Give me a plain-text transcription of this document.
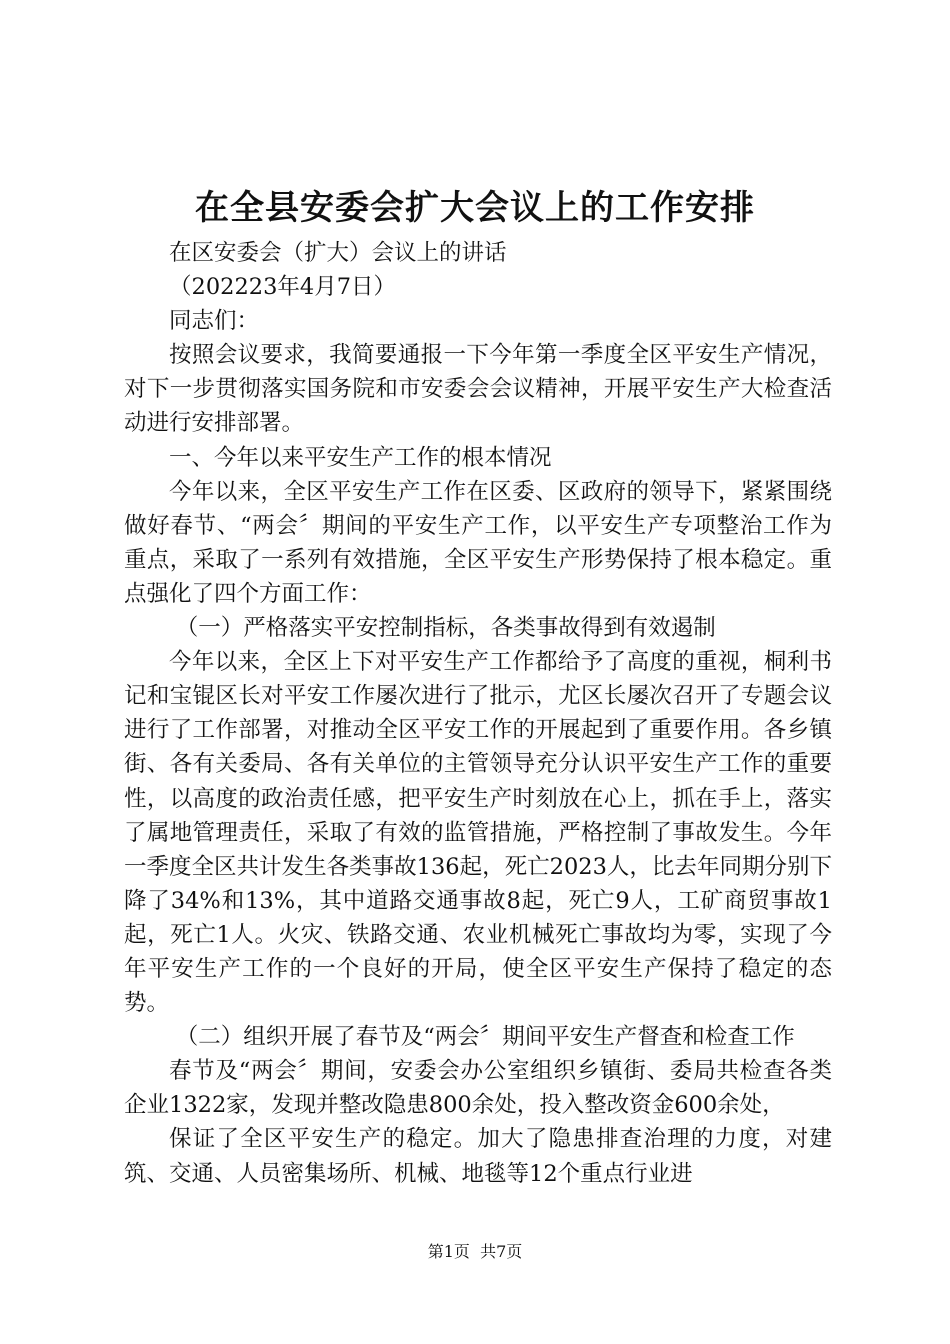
在全县安委会扩大会议上的工作安排

在区安委会（扩大）会议上的讲话

（202223年4月7日）

同志们：

按照会议要求，我简要通报一下今年第一季度全区平安生产情况，对下一步贯彻落实国务院和市安委会会议精神，开展平安生产大检查活动进行安排部署。

一、今年以来平安生产工作的根本情况

今年以来，全区平安生产工作在区委、区政府的领导下，紧紧围绕做好春节、“两会〞期间的平安生产工作，以平安生产专项整治工作为重点，采取了一系列有效措施，全区平安生产形势保持了根本稳定。重点强化了四个方面工作：

（一）严格落实平安控制指标，各类事故得到有效遏制

今年以来，全区上下对平安生产工作都给予了高度的重视，桐利书记和宝锟区长对平安工作屡次进行了批示，尤区长屡次召开了专题会议进行了工作部署，对推动全区平安工作的开展起到了重要作用。各乡镇街、各有关委局、各有关单位的主管领导充分认识平安生产工作的重要性，以高度的政治责任感，把平安生产时刻放在心上，抓在手上，落实了属地管理责任，采取了有效的监管措施，严格控制了事故发生。今年一季度全区共计发生各类事故136起，死亡2023人，比去年同期分别下降了34%和13%，其中道路交通事故8起，死亡9人，工矿商贸事故1起，死亡1人。火灾、铁路交通、农业机械死亡事故均为零，实现了今年平安生产工作的一个良好的开局，使全区平安生产保持了稳定的态势。

（二）组织开展了春节及“两会〞期间平安生产督查和检查工作

春节及“两会〞期间，安委会办公室组织乡镇街、委局共检查各类企业1322家，发现并整改隐患800余处，投入整改资金600余处，

保证了全区平安生产的稳定。加大了隐患排查治理的力度，对建筑、交通、人员密集场所、机械、地毯等12个重点行业进

第1页 共7页
